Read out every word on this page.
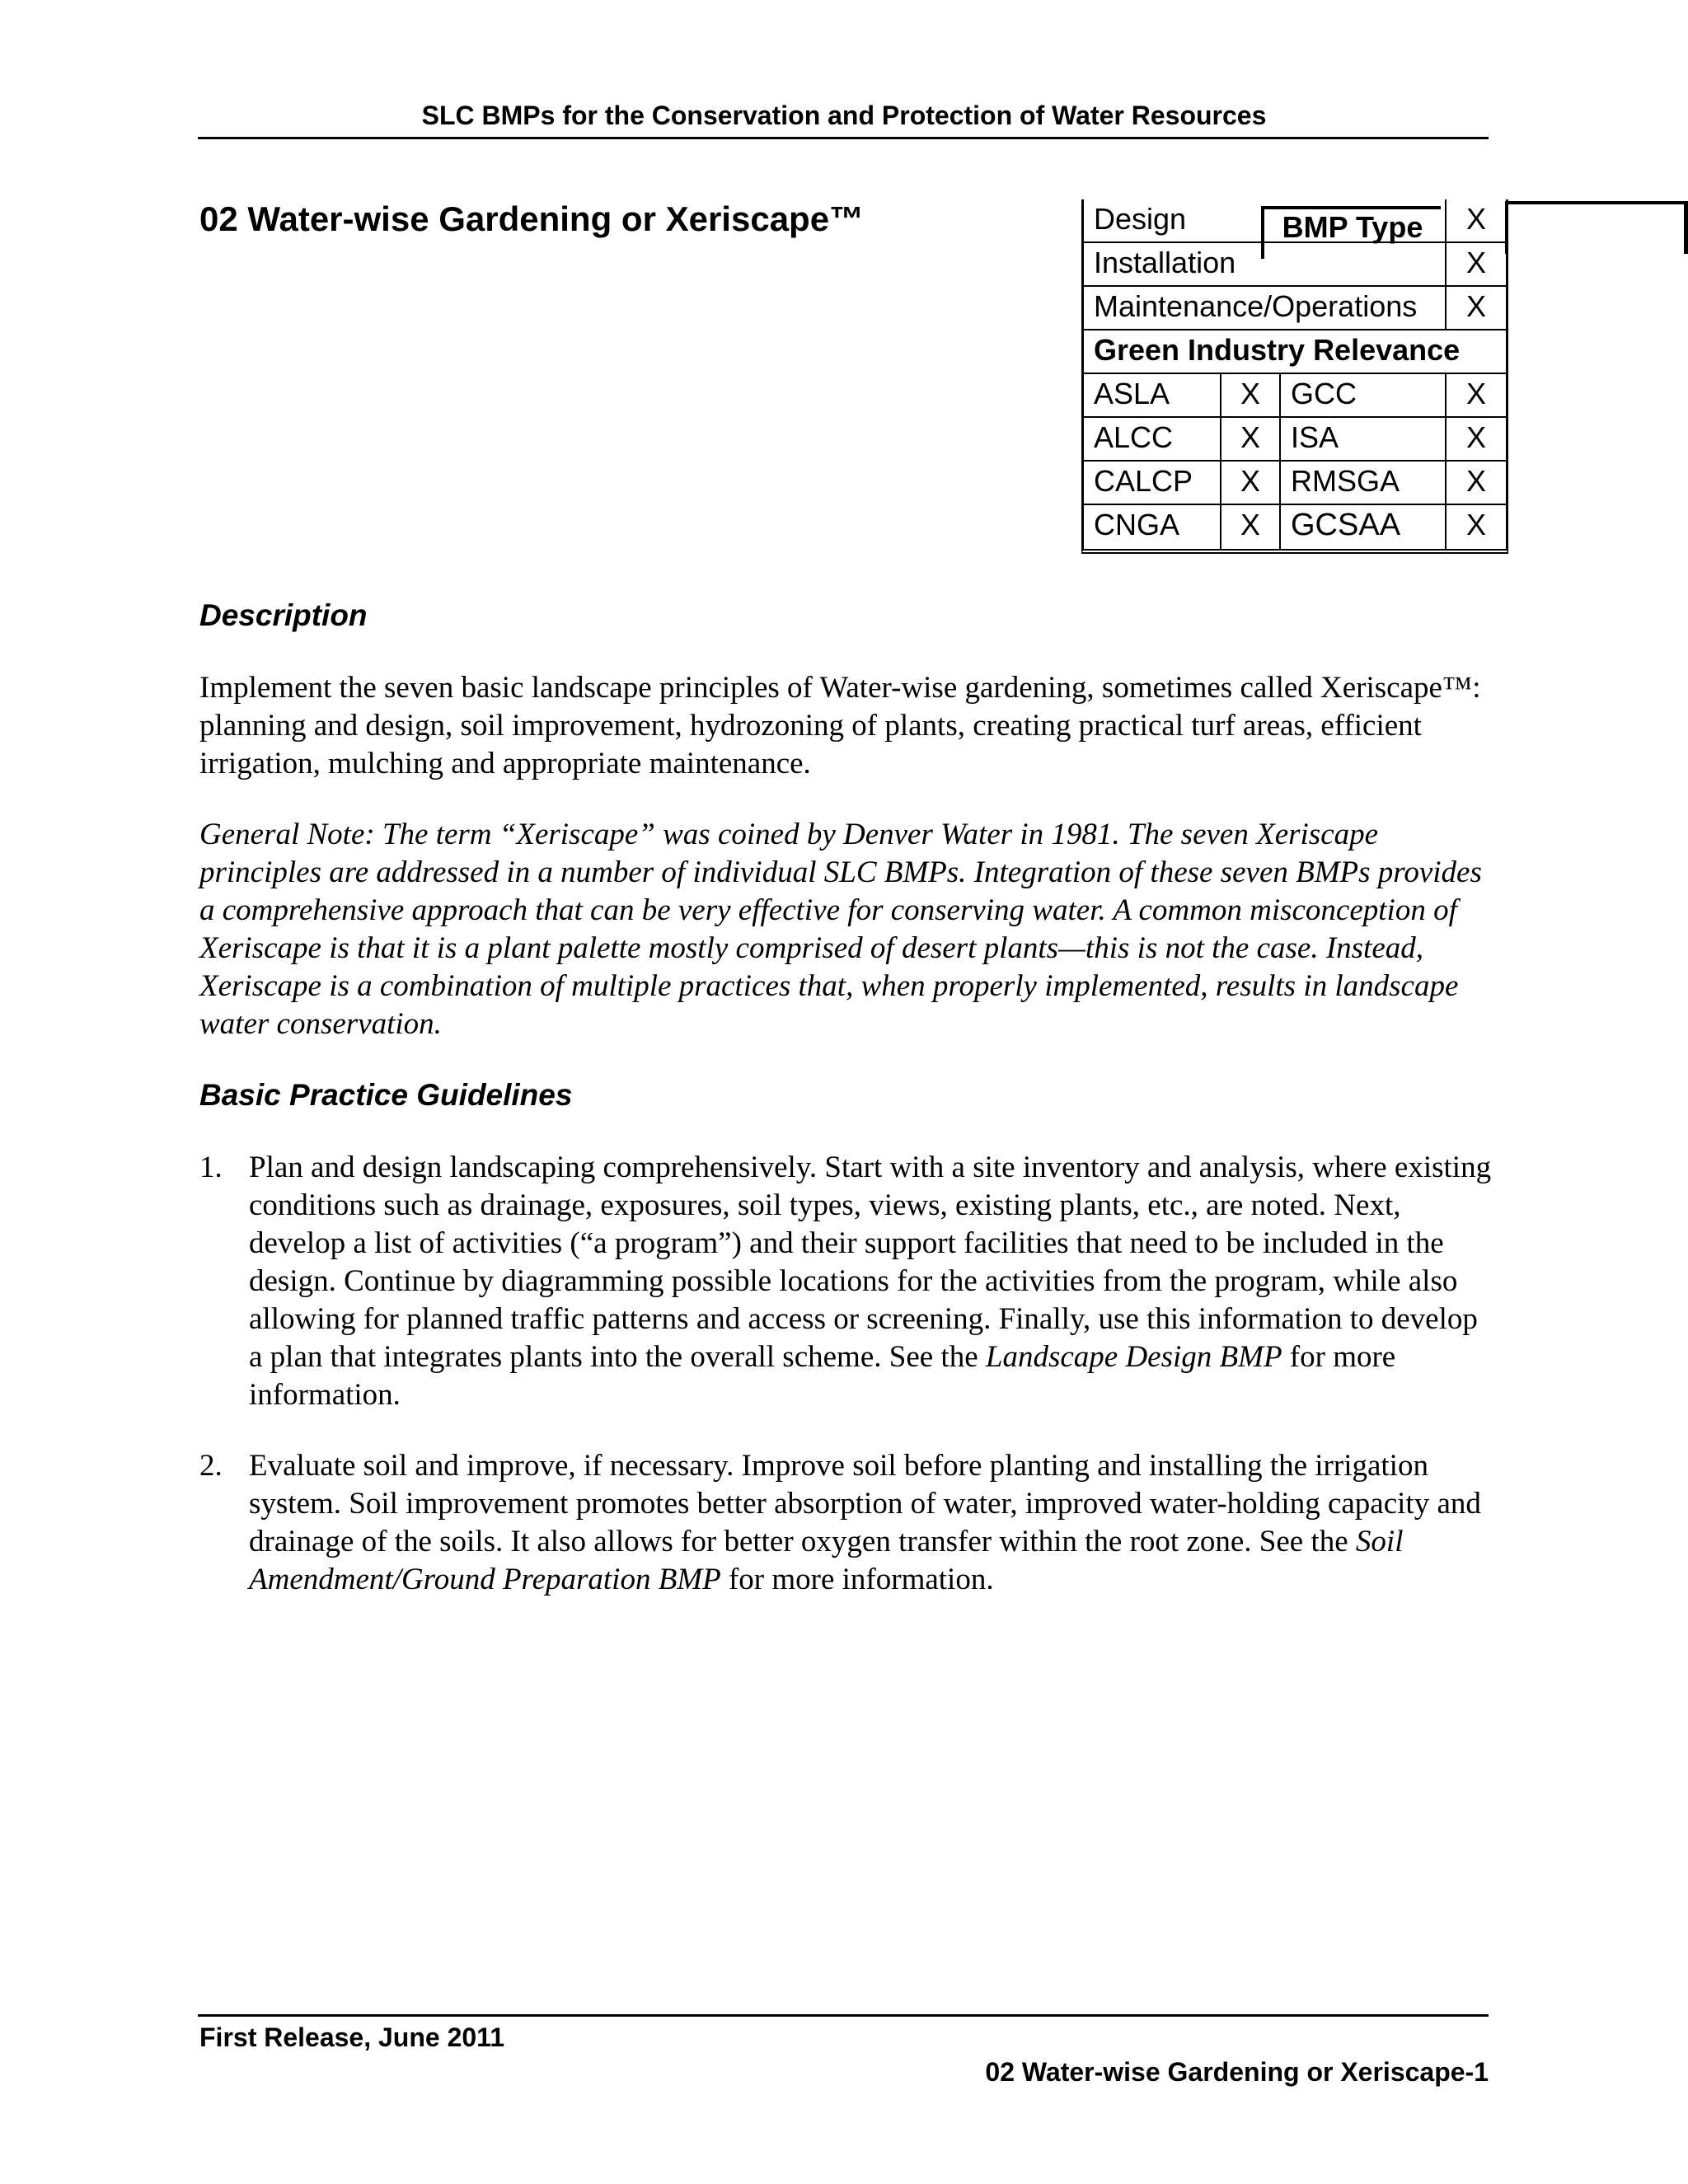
SLC BMPs for the Conservation and Protection of Water Resources
02 Water-wise Gardening or Xeriscape™	Design	X
Installation	X
Maintenance/Operations	X
Green Industry Relevance
ASLA	X	GCC	X
ALCC	X	ISA	X
CALCP	X	RMSGA	X
CNGA	X GCSAA	X
BMP Type
Description

Implement the seven basic landscape principles of Water-wise gardening, sometimes called Xeriscape™: planning and design, soil improvement, hydrozoning of plants, creating practical turf areas, efficient irrigation, mulching and appropriate maintenance.

General Note: The term “Xeriscape” was coined by Denver Water in 1981. The seven Xeriscape principles are addressed in a number of individual SLC BMPs. Integration of these seven BMPs provides a comprehensive approach that can be very effective for conserving water. A common misconception of Xeriscape is that it is a plant palette mostly comprised of desert plants—this is not the case. Instead, Xeriscape is a combination of multiple practices that, when properly implemented, results in landscape water conservation.

Basic Practice Guidelines
1. Plan and design landscaping comprehensively. Start with a site inventory and analysis, where existing conditions such as drainage, exposures, soil types, views, existing plants, etc., are noted. Next, develop a list of activities (“a program”) and their support facilities that need to be included in the design. Continue by diagramming possible locations for the activities from the program, while also allowing for planned traffic patterns and access or screening. Finally, use this information to develop a plan that integrates plants into the overall scheme. See the Landscape Design BMP for more information.
2. Evaluate soil and improve, if necessary. Improve soil before planting and installing the irrigation system. Soil improvement promotes better absorption of water, improved water-holding capacity and drainage of the soils. It also allows for better oxygen transfer within the root zone. See the Soil Amendment/Ground Preparation BMP for more information.
First Release, June 2011
02 Water-wise Gardening or Xeriscape-1
